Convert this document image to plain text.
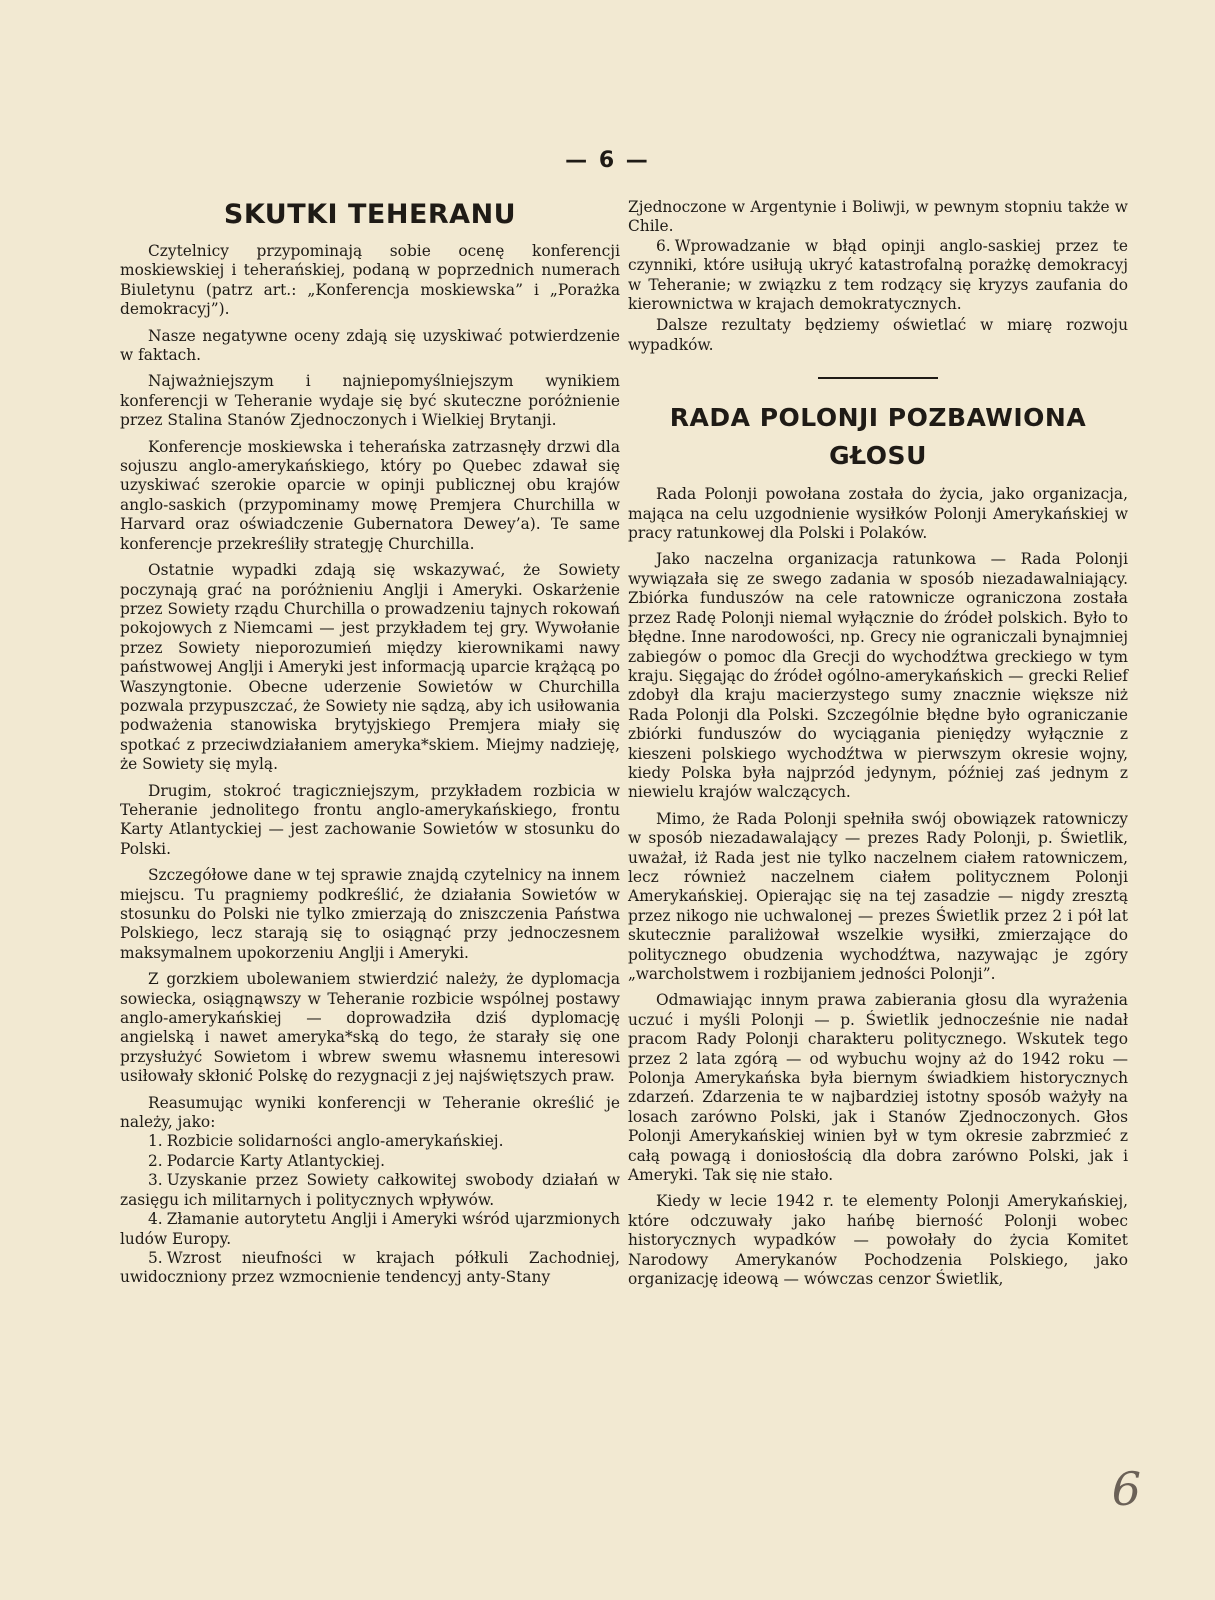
— 6 —
SKUTKI TEHERANU

Czytelnicy przypominają sobie ocenę konferencji moskiewskiej i teherańskiej, podaną w poprzednich numerach Biuletynu (patrz art.: „Konferencja moskiewska” i „Porażka demokracyj”).

Nasze negatywne oceny zdają się uzyskiwać potwierdzenie w faktach.

Najważniejszym i najniepomyślniejszym wynikiem konferencji w Teheranie wydaje się być skuteczne poróżnienie przez Stalina Stanów Zjednoczonych i Wielkiej Brytanji.

Konferencje moskiewska i teherańska zatrzasnęły drzwi dla sojuszu anglo-amerykańskiego, który po Quebec zdawał się uzyskiwać szerokie oparcie w opinji publicznej obu krajów anglo-saskich (przypominamy mowę Premjera Churchilla w Harvard oraz oświadczenie Gubernatora Dewey’a). Te same konferencje przekreśliły strategję Churchilla.

Ostatnie wypadki zdają się wskazywać, że Sowiety poczynają grać na poróżnieniu Anglji i Ameryki. Oskarżenie przez Sowiety rządu Churchilla o prowadzeniu tajnych rokowań pokojowych z Niemcami — jest przykładem tej gry. Wywołanie przez Sowiety nieporozumień między kierownikami nawy państwowej Anglji i Ameryki jest informacją uparcie krążącą po Waszyngtonie. Obecne uderzenie Sowietów w Churchilla pozwala przypuszczać, że Sowiety nie sądzą, aby ich usiłowania podważenia stanowiska brytyjskiego Premjera miały się spotkać z przeciwdziałaniem ameryka*skiem. Miejmy nadzieję, że Sowiety się mylą.

Drugim, stokroć tragiczniejszym, przykładem rozbicia w Teheranie jednolitego frontu anglo-amerykańskiego, frontu Karty Atlantyckiej — jest zachowanie Sowietów w stosunku do Polski.

Szczegółowe dane w tej sprawie znajdą czytelnicy na innem miejscu. Tu pragniemy podkreślić, że działania Sowietów w stosunku do Polski nie tylko zmierzają do zniszczenia Państwa Polskiego, lecz starają się to osiągnąć przy jednoczesnem maksymalnem upokorzeniu Anglji i Ameryki.

Z gorzkiem ubolewaniem stwierdzić należy, że dyplomacja sowiecka, osiągnąwszy w Teheranie rozbicie wspólnej postawy anglo-amerykańskiej — doprowadziła dziś dyplomację angielską i nawet ameryka*ską do tego, że starały się one przysłużyć Sowietom i wbrew swemu własnemu interesowi usiłowały skłonić Polskę do rezygnacji z jej najświętszych praw.

Reasumując wyniki konferencji w Teheranie określić je należy, jako:

1. Rozbicie solidarności anglo-amerykańskiej.
2. Podarcie Karty Atlantyckiej.
3. Uzyskanie przez Sowiety całkowitej swobody działań w zasięgu ich militarnych i politycznych wpływów.
4. Złamanie autorytetu Anglji i Ameryki wśród ujarzmionych ludów Europy.
5. Wzrost nieufności w krajach półkuli Zachodniej, uwidoczniony przez wzmocnienie tendencyj anty-Stany

Zjednoczone w Argentynie i Boliwji, w pewnym stopniu także w Chile.

6. Wprowadzanie w błąd opinji anglo-saskiej przez te czynniki, które usiłują ukryć katastrofalną porażkę demokracyj w Teheranie; w związku z tem rodzący się kryzys zaufania do kierownictwa w krajach demokratycznych.

Dalsze rezultaty będziemy oświetlać w miarę rozwoju wypadków.

RADA POLONJI POZBAWIONA GŁOSU

Rada Polonji powołana została do życia, jako organizacja, mająca na celu uzgodnienie wysiłków Polonji Amerykańskiej w pracy ratunkowej dla Polski i Polaków.

Jako naczelna organizacja ratunkowa — Rada Polonji wywiązała się ze swego zadania w sposób niezadawalniający. Zbiórka funduszów na cele ratownicze ograniczona została przez Radę Polonji niemal wyłącznie do źródeł polskich. Było to błędne. Inne narodowości, np. Grecy nie ograniczali bynajmniej zabiegów o pomoc dla Grecji do wychodźtwa greckiego w tym kraju. Sięgając do źródeł ogólno-amerykańskich — grecki Relief zdobył dla kraju macierzystego sumy znacznie większe niż Rada Polonji dla Polski. Szczególnie błędne było ograniczanie zbiórki funduszów do wyciągania pieniędzy wyłącznie z kieszeni polskiego wychodźtwa w pierwszym okresie wojny, kiedy Polska była najprzód jedynym, później zaś jednym z niewielu krajów walczących.

Mimo, że Rada Polonji spełniła swój obowiązek ratowniczy w sposób niezadawalający — prezes Rady Polonji, p. Świetlik, uważał, iż Rada jest nie tylko naczelnem ciałem ratowniczem, lecz również naczelnem ciałem politycznem Polonji Amerykańskiej. Opierając się na tej zasadzie — nigdy zresztą przez nikogo nie uchwalonej — prezes Świetlik przez 2 i pół lat skutecznie paraliżował wszelkie wysiłki, zmierzające do politycznego obudzenia wychodźtwa, nazywając je zgóry „warcholstwem i rozbijaniem jedności Polonji”.

Odmawiając innym prawa zabierania głosu dla wyrażenia uczuć i myśli Polonji — p. Świetlik jednocześnie nie nadał pracom Rady Polonji charakteru politycznego. Wskutek tego przez 2 lata zgórą — od wybuchu wojny aż do 1942 roku — Polonja Amerykańska była biernym świadkiem historycznych zdarzeń. Zdarzenia te w najbardziej istotny sposób ważyły na losach zarówno Polski, jak i Stanów Zjednoczonych. Głos Polonji Amerykańskiej winien był w tym okresie zabrzmieć z całą powagą i doniosłością dla dobra zarówno Polski, jak i Ameryki. Tak się nie stało.

Kiedy w lecie 1942 r. te elementy Polonji Amerykańskiej, które odczuwały jako hańbę bierność Polonji wobec historycznych wypadków — powołały do życia Komitet Narodowy Amerykanów Pochodzenia Polskiego, jako organizację ideową — wówczas cenzor Świetlik,

6
